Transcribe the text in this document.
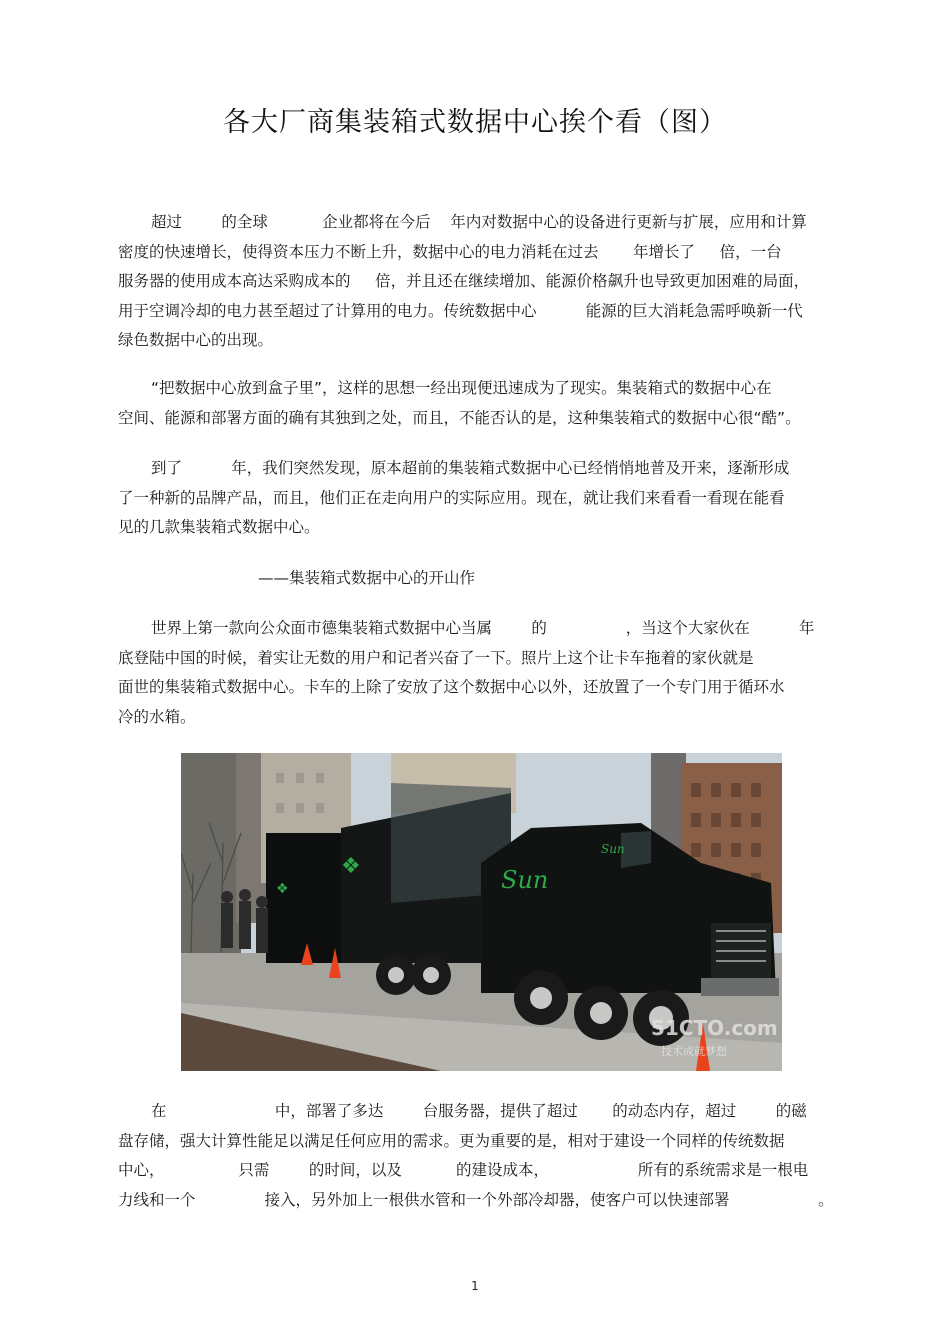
各大厂商集装箱式数据中心挨个看（图）
超过        的全球           企业都将在今后    年内对数据中心的设备进行更新与扩展，应用和计算
密度的快速增长，使得资本压力不断上升，数据中心的电力消耗在过去       年增长了     倍，一台
服务器的使用成本高达采购成本的     倍，并且还在继续增加、能源价格飙升也导致更加困难的局面，
用于空调冷却的电力甚至超过了计算用的电力。传统数据中心          能源的巨大消耗急需呼唤新一代
绿色数据中心的出现。
“把数据中心放到盒子里”，这样的思想一经出现便迅速成为了现实。集装箱式的数据中心在
空间、能源和部署方面的确有其独到之处，而且，不能否认的是，这种集装箱式的数据中心很“酷”。
到了          年，我们突然发现，原本超前的集装箱式数据中心已经悄悄地普及开来，逐渐形成
了一种新的品牌产品，而且，他们正在走向用户的实际应用。现在，就让我们来看看一看现在能看
见的几款集装箱式数据中心。
——集装箱式数据中心的开山作
世界上第一款向公众面市德集装箱式数据中心当属        的                ，当这个大家伙在          年
底登陆中国的时候，着实让无数的用户和记者兴奋了一下。照片上这个让卡车拖着的家伙就是
面世的集装箱式数据中心。卡车的上除了安放了这个数据中心以外，还放置了一个专门用于循环水
冷的水箱。
❖
❖	Sun
Sun
51CTO.com
技术成就梦想
在                      中，部署了多达        台服务器，提供了超过       的动态内存，超过        的磁
盘存储，强大计算性能足以满足任何应用的需求。更为重要的是，相对于建设一个同样的传统数据
中心，               只需        的时间，以及           的建设成本，                  所有的系统需求是一根电
力线和一个              接入，另外加上一根供水管和一个外部冷却器，使客户可以快速部署                  。
1
